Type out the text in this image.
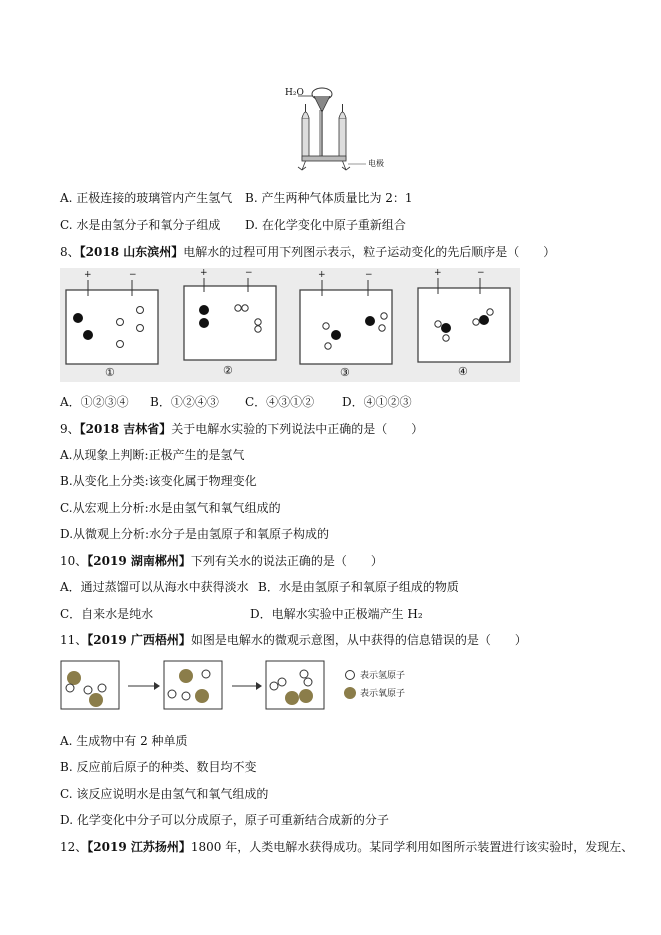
H₂O
电极
A. 正极连接的玻璃管内产生氢气 B. 产生两种气体质量比为 2：1
C. 水是由氢分子和氧分子组成 D. 在化学变化中原子重新组合
8、【2018 山东滨州】电解水的过程可用下列图示表示，粒子运动变化的先后顺序是（　　）
+	−	+	−	+	−	+	−
①	②	③	④
A．①②③④ B．①②④③ C．④③①② D．④①②③
9、【2018 吉林省】关于电解水实验的下列说法中正确的是（　　）
A.从现象上判断:正极产生的是氢气
B.从变化上分类:该变化属于物理变化
C.从宏观上分析:水是由氢气和氧气组成的
D.从微观上分析:水分子是由氢原子和氧原子构成的
10、【2019 湖南郴州】下列有关水的说法正确的是（　　）
A．通过蒸馏可以从海水中获得淡水 B．水是由氢原子和氧原子组成的物质
C．自来水是纯水	D．电解水实验中正极端产生 H₂
11、【2019 广西梧州】如图是电解水的微观示意图，从中获得的信息错误的是（　　）
表示氢原子
表示氧原子
A. 生成物中有 2 种单质
B. 反应前后原子的种类、数目均不变
C. 该反应说明水是由氢气和氧气组成的
D. 化学变化中分子可以分成原子，原子可重新结合成新的分子
12、【2019 江苏扬州】1800 年，人类电解水获得成功。某同学利用如图所示装置进行该实验时，发现左、
